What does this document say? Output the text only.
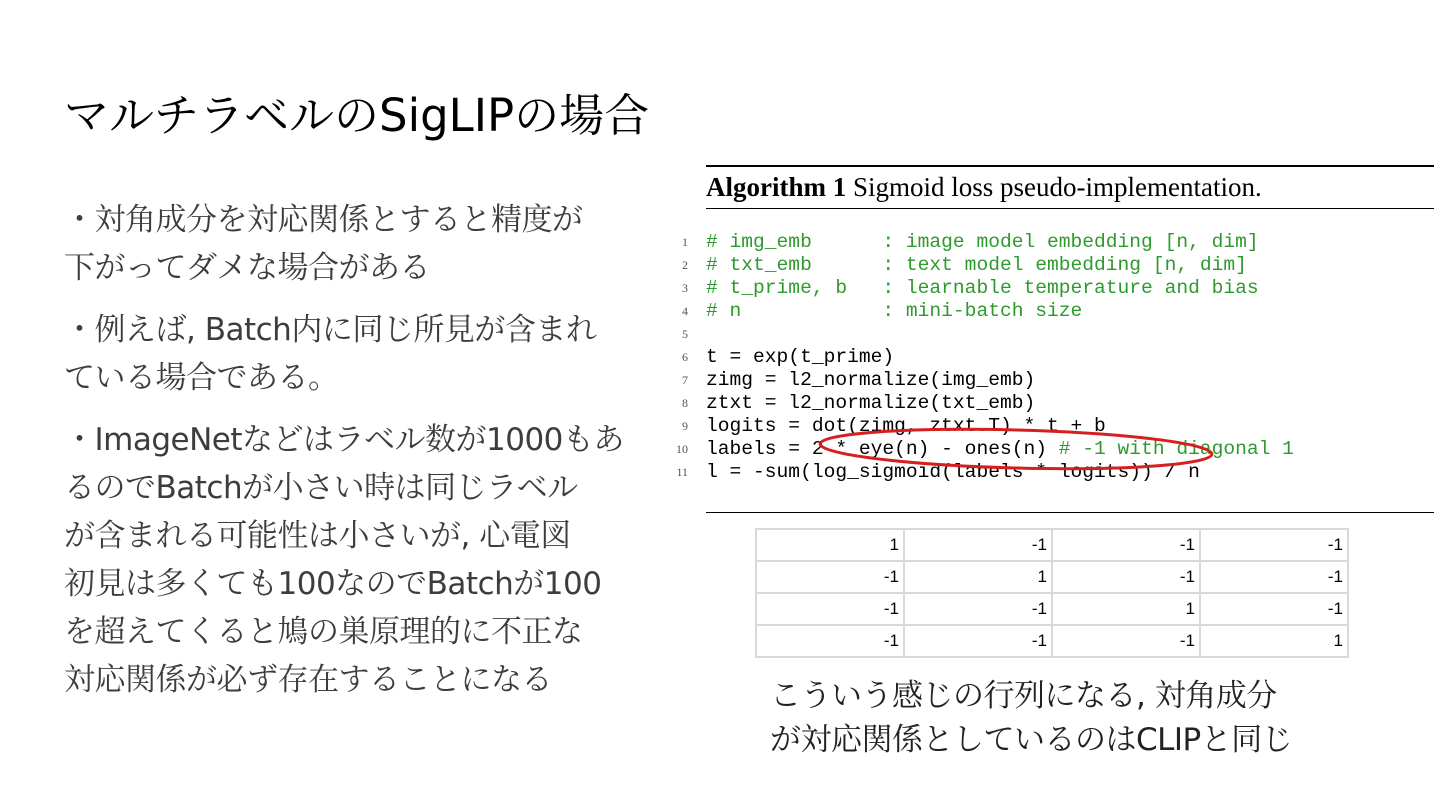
マルチラベルのSigLIPの場合
・対角成分を対応関係とすると精度が
下がってダメな場合がある
・例えば, Batch内に同じ所見が含まれ
ている場合である。
・ImageNetなどはラベル数が1000もあ
るのでBatchが小さい時は同じラベル
が含まれる可能性は小さいが, 心電図
初見は多くても100なのでBatchが100
を超えてくると鳩の巣原理的に不正な
対応関係が必ず存在することになる
Algorithm 1 Sigmoid loss pseudo-implementation.
1 # img_emb      : image model embedding [n, dim]
2 # txt_emb      : text model embedding [n, dim]
3 # t_prime, b   : learnable temperature and bias
4 # n            : mini-batch size
5
6 t = exp(t_prime)
7 zimg = l2_normalize(img_emb)
8 ztxt = l2_normalize(txt_emb)
9 logits = dot(zimg, ztxt.T) * t + b
10 labels = 2 * eye(n) - ones(n) # -1 with diagonal 1
11 l = -sum(log_sigmoid(labels * logits)) / n
1	-1	-1	-1
-1	1	-1	-1
-1	-1	1	-1
-1	-1	-1	1
こういう感じの行列になる, 対角成分
が対応関係としているのはCLIPと同じ
